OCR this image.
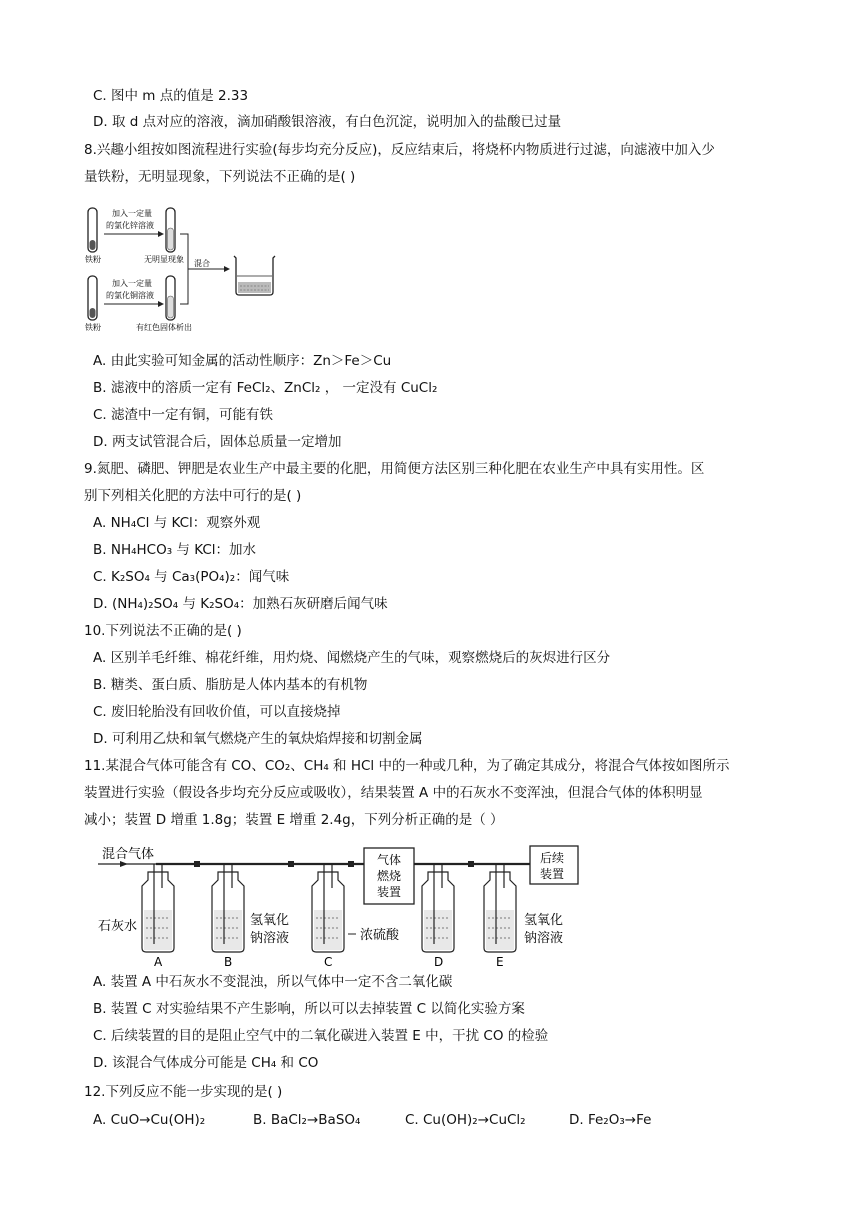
C. 图中 m 点的值是 2.33
D. 取 d 点对应的溶液，滴加硝酸银溶液，有白色沉淀，说明加入的盐酸已过量
8.兴趣小组按如图流程进行实验(每步均充分反应)，反应结束后，将烧杯内物质进行过滤，向滤液中加入少
量铁粉，无明显现象，下列说法不正确的是( )
铁粉
加入一定量
的氯化锌溶液
无明显现象
铁粉
加入一定量
的氯化铜溶液
有红色固体析出
混合
A. 由此实验可知金属的活动性顺序：Zn＞Fe＞Cu
B. 滤液中的溶质一定有 FeCl₂、ZnCl₂ ， 一定没有 CuCl₂
C. 滤渣中一定有铜，可能有铁
D. 两支试管混合后，固体总质量一定增加
9.氮肥、磷肥、钾肥是农业生产中最主要的化肥，用简便方法区别三种化肥在农业生产中具有实用性。区
别下列相关化肥的方法中可行的是( )
A. NH₄Cl 与 KCl：观察外观
B. NH₄HCO₃ 与 KCl：加水
C. K₂SO₄ 与 Ca₃(PO₄)₂：闻气味
D. (NH₄)₂SO₄ 与 K₂SO₄：加熟石灰研磨后闻气味
10.下列说法不正确的是( )
A. 区别羊毛纤维、棉花纤维，用灼烧、闻燃烧产生的气味，观察燃烧后的灰烬进行区分
B. 糖类、蛋白质、脂肪是人体内基本的有机物
C. 废旧轮胎没有回收价值，可以直接烧掉
D. 可利用乙炔和氧气燃烧产生的氧炔焰焊接和切割金属
11.某混合气体可能含有 CO、CO₂、CH₄ 和 HCl 中的一种或几种，为了确定其成分，将混合气体按如图所示
装置进行实验（假设各步均充分反应或吸收），结果装置 A 中的石灰水不变浑浊，但混合气体的体积明显
减小；装置 D 增重 1.8g；装置 E 增重 2.4g，下列分析正确的是（ ）
混合气体	气体
燃烧
装置
后续
装置
石灰水	氢氧化
钠溶液	浓硫酸
氢氧化
钠溶液
A	B	C	D	E
A. 装置 A 中石灰水不变混浊，所以气体中一定不含二氧化碳
B. 装置 C 对实验结果不产生影响，所以可以去掉装置 C 以简化实验方案
C. 后续装置的目的是阻止空气中的二氧化碳进入装置 E 中，干扰 CO 的检验
D. 该混合气体成分可能是 CH₄ 和 CO
12.下列反应不能一步实现的是( )
A. CuO→Cu(OH)₂	B. BaCl₂→BaSO₄	C. Cu(OH)₂→CuCl₂	D. Fe₂O₃→Fe
